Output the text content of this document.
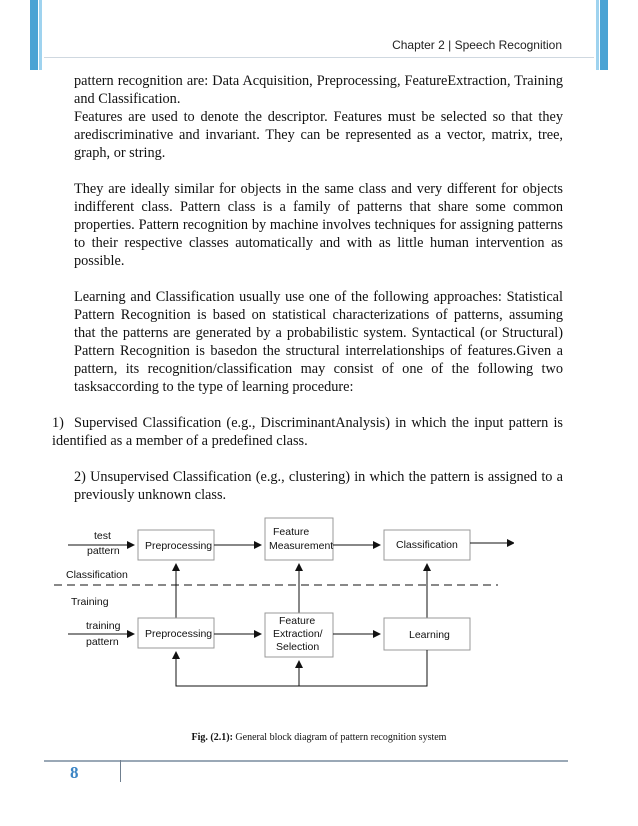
Chapter 2 | Speech Recognition

pattern recognition are: Data Acquisition, Preprocessing, FeatureExtraction, Training and Classification.

Features are used to denote the descriptor. Features must be selected so that they arediscriminative and invariant. They can be represented as a vector, matrix, tree, graph, or string.

They are ideally similar for objects in the same class and very different for objects indifferent class. Pattern class is a family of patterns that share some common properties. Pattern recognition by machine involves techniques for assigning patterns to their respective classes automatically and with as little human intervention as possible.

Learning and Classification usually use one of the following approaches: Statistical Pattern Recognition is based on statistical characterizations of patterns, assuming that the patterns are generated by a probabilistic system. Syntactical (or Structural) Pattern Recognition is basedon the structural interrelationships of features.Given a pattern, its recognition/classification may consist of one of the following two tasksaccording to the type of learning procedure:

1) Supervised Classification (e.g., DiscriminantAnalysis) in which the input pattern is identified as a member of a predefined class.

2) Unsupervised Classification (e.g., clustering) in which the pattern is assigned to a previously unknown class.

test
pattern Preprocessing
Feature
Measurement	Classification
Classification
Training
training
pattern
Preprocessing
Feature
Extraction/
Selection
Learning
Fig. (2.1): General block diagram of pattern recognition system
8
